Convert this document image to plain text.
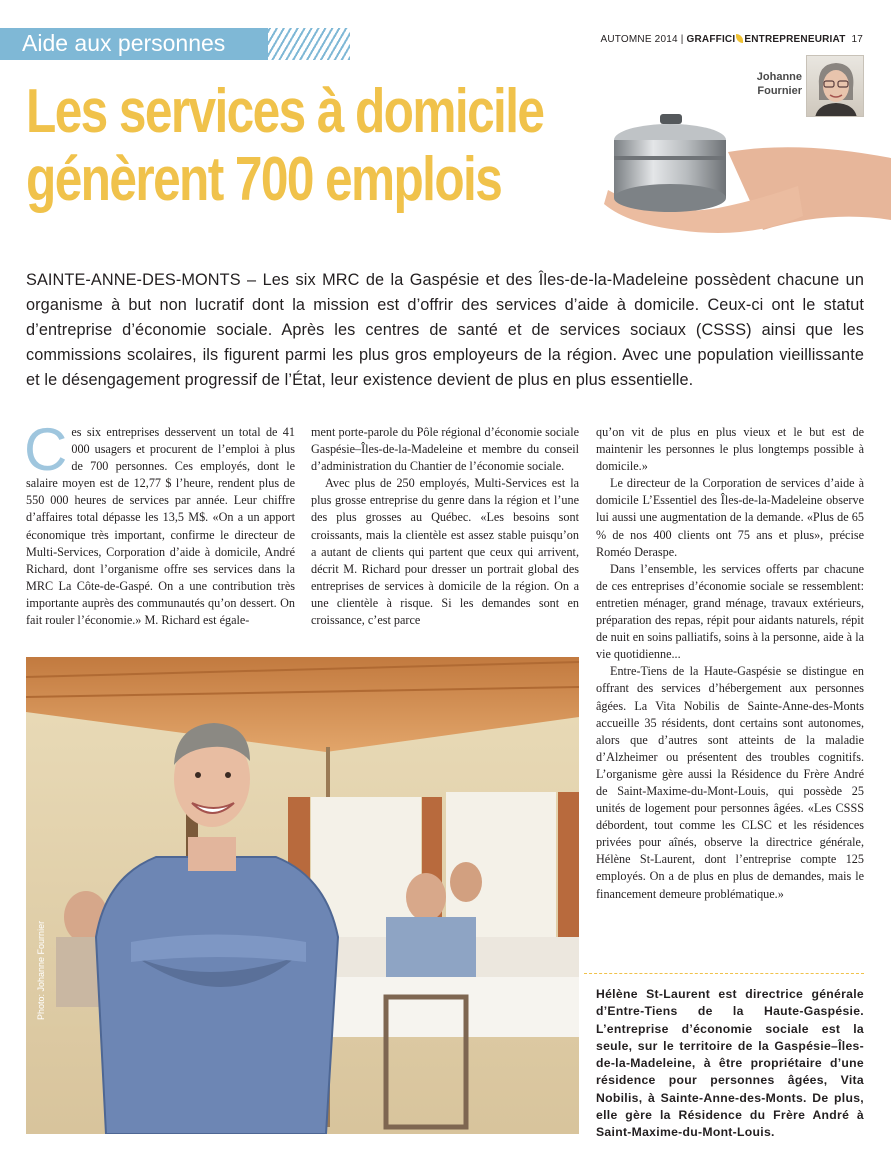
Aide aux personnes	AUTOMNE 2014 | GRAFFICI ENTREPRENEURIAT 17
Johanne
Fournier
Les services à domicile
génèrent 700 emplois

SAINTE-ANNE-DES-MONTS – Les six MRC de la Gaspésie et des Îles-de-la-Madeleine possèdent chacune un organisme à but non lucratif dont la mission est d’offrir des services d’aide à domicile. Ceux-ci ont le statut d’entreprise d’économie sociale. Après les centres de santé et de services sociaux (CSSS) ainsi que les commissions scolaires, ils figurent parmi les plus gros employeurs de la région. Avec une population vieillissante et le désengagement progressif de l’État, leur existence devient de plus en plus essentielle.

C es six entreprises desservent un total de 41 000 usagers et procurent de l’emploi à plus de 700 personnes. Ces employés, dont le salaire moyen est de 12,77 $ l’heure, rendent plus de 550 000 heures de services par année. Leur chiffre d’affaires total dépasse les 13,5 M$. «On a un apport économique très important, confirme le directeur de Multi-Services, Corporation d’aide à domicile, André Richard, dont l’organisme offre ses services dans la MRC La Côte-de-Gaspé. On a une contribution très importante auprès des communautés qu’on dessert. On fait rouler l’économie.» M. Richard est égale-

ment porte-parole du Pôle régional d’économie sociale Gaspésie–Îles-de-la-Madeleine et membre du conseil d’administration du Chantier de l’économie sociale.

Avec plus de 250 employés, Multi-Services est la plus grosse entreprise du genre dans la région et l’une des plus grosses au Québec. «Les besoins sont croissants, mais la clientèle est assez stable puisqu’on a autant de clients qui partent que ceux qui arrivent, décrit M. Richard pour dresser un portrait global des entreprises de services à domicile de la région. On a une clientèle à risque. Si les demandes sont en croissance, c’est parce

qu’on vit de plus en plus vieux et le but est de maintenir les personnes le plus longtemps possible à domicile.»

Le directeur de la Corporation de services d’aide à domicile L’Essentiel des Îles-de-la-Madeleine observe lui aussi une augmentation de la demande. «Plus de 65 % de nos 400 clients ont 75 ans et plus», précise Roméo Deraspe.

Dans l’ensemble, les services offerts par chacune de ces entreprises d’économie sociale se ressemblent: entretien ménager, grand ménage, travaux extérieurs, préparation des repas, répit pour aidants naturels, répit de nuit en soins palliatifs, soins à la personne, aide à la vie quotidienne...

Entre-Tiens de la Haute-Gaspésie se distingue en offrant des services d’hébergement aux personnes âgées. La Vita Nobilis de Sainte-Anne-des-Monts accueille 35 résidents, dont certains sont autonomes, alors que d’autres sont atteints de la maladie d’Alzheimer ou présentent des troubles cognitifs. L’organisme gère aussi la Résidence du Frère André de Saint-Maxime-du-Mont-Louis, qui possède 25 unités de logement pour personnes âgées. «Les CSSS débordent, tout comme les CLSC et les résidences privées pour aînés, observe la directrice générale, Hélène St-Laurent, dont l’entreprise compte 125 employés. On a de plus en plus de demandes, mais le financement demeure problématique.»

Photo: Johanne Fournier	Hélène St-Laurent est directrice générale d’Entre-Tiens de la Haute-Gaspésie. L’entreprise d’économie sociale est la seule, sur le territoire de la Gaspésie–Îles-de-la-Madeleine, à être propriétaire d’une résidence pour personnes âgées, Vita Nobilis, à Sainte-Anne-des-Monts. De plus, elle gère la Résidence du Frère André à Saint-Maxime-du-Mont-Louis.
